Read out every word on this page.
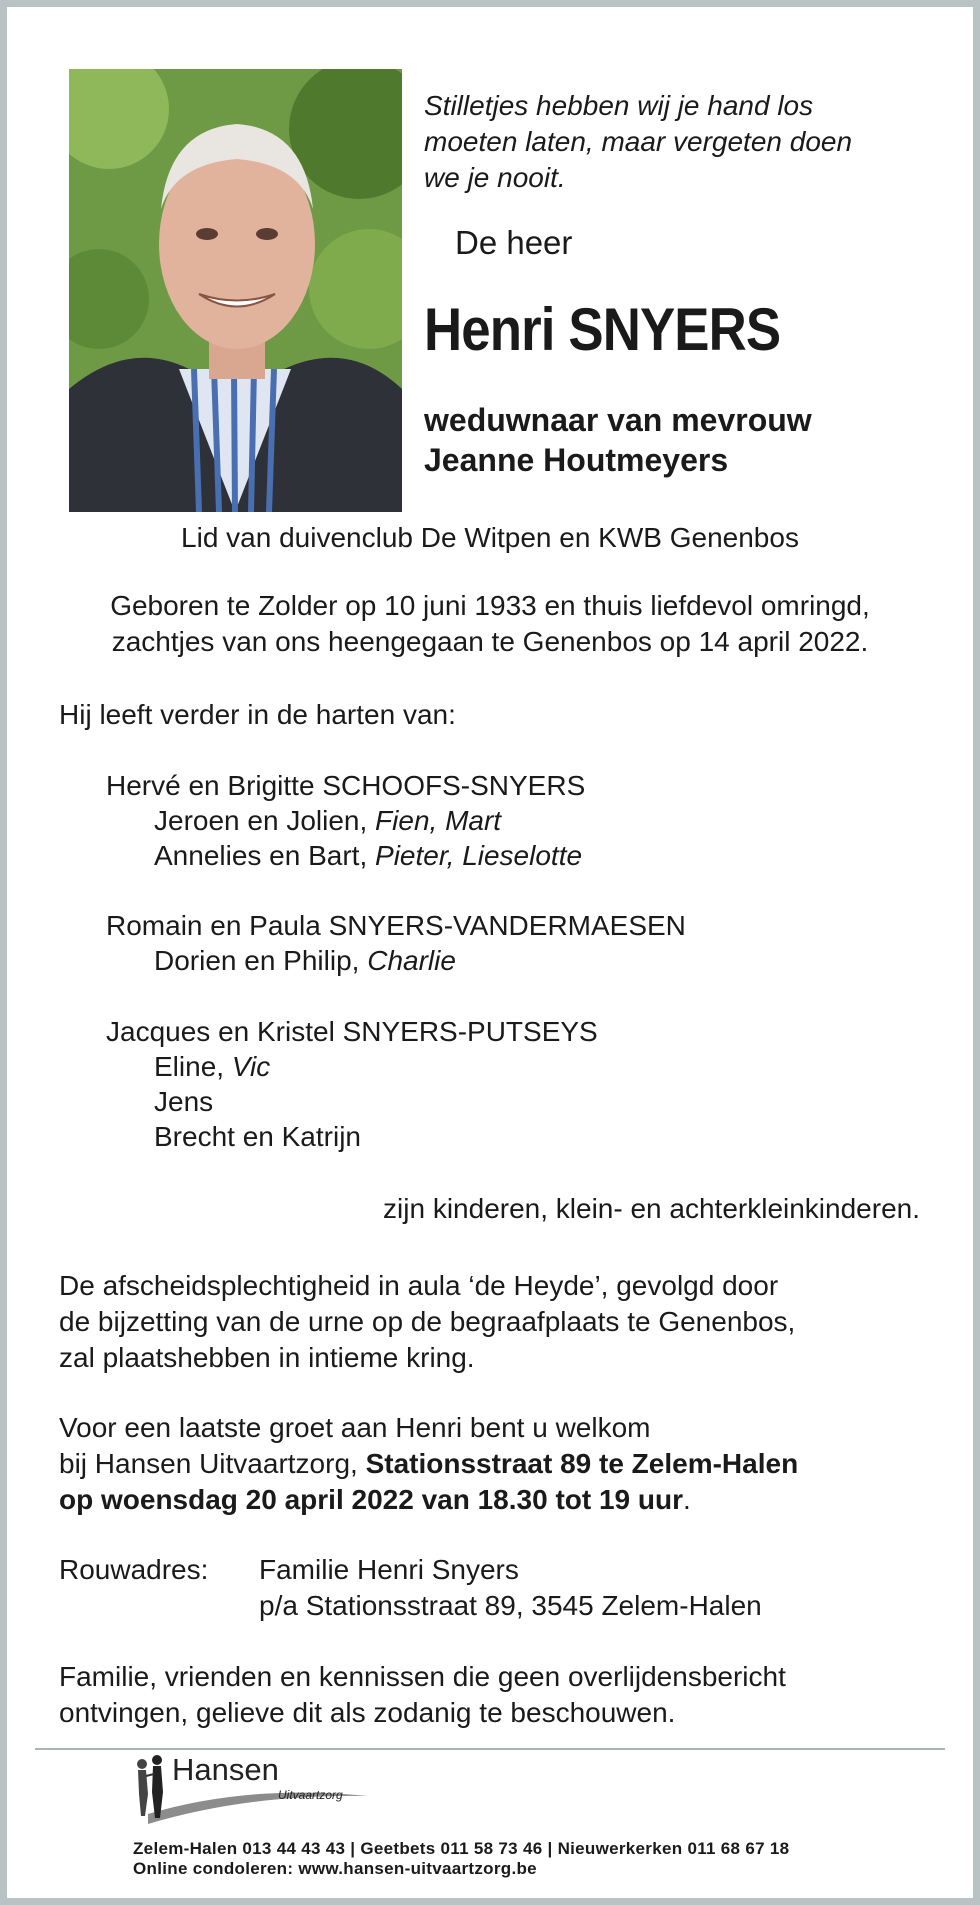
Stilletjes hebben wij je hand los
moeten laten, maar vergeten doen
we je nooit.
De heer
Henri SNYERS
weduwnaar van mevrouw
Jeanne Houtmeyers
Lid van duivenclub De Witpen en KWB Genenbos
Geboren te Zolder op 10 juni 1933 en thuis liefdevol omringd,
zachtjes van ons heengegaan te Genenbos op 14 april 2022.
Hij leeft verder in de harten van:
Hervé en Brigitte SCHOOFS-SNYERS
Jeroen en Jolien, Fien, Mart
Annelies en Bart, Pieter, Lieselotte
Romain en Paula SNYERS-VANDERMAESEN
Dorien en Philip, Charlie
Jacques en Kristel SNYERS-PUTSEYS
Eline, Vic
Jens
Brecht en Katrijn
zijn kinderen, klein- en achterkleinkinderen.
De afscheidsplechtigheid in aula ‘de Heyde’, gevolgd door
de bijzetting van de urne op de begraafplaats te Genenbos,
zal plaatshebben in intieme kring.
Voor een laatste groet aan Henri bent u welkom
bij Hansen Uitvaartzorg, Stationsstraat 89 te Zelem-Halen
op woensdag 20 april 2022 van 18.30 tot 19 uur.
Rouwadres: Familie Henri Snyers
p/a Stationsstraat 89, 3545 Zelem-Halen
Familie, vrienden en kennissen die geen overlijdensbericht
ontvingen, gelieve dit als zodanig te beschouwen.
Hansen
Uitvaartzorg
Zelem-Halen 013 44 43 43 | Geetbets 011 58 73 46 | Nieuwerkerken 011 68 67 18
Online condoleren: www.hansen-uitvaartzorg.be
